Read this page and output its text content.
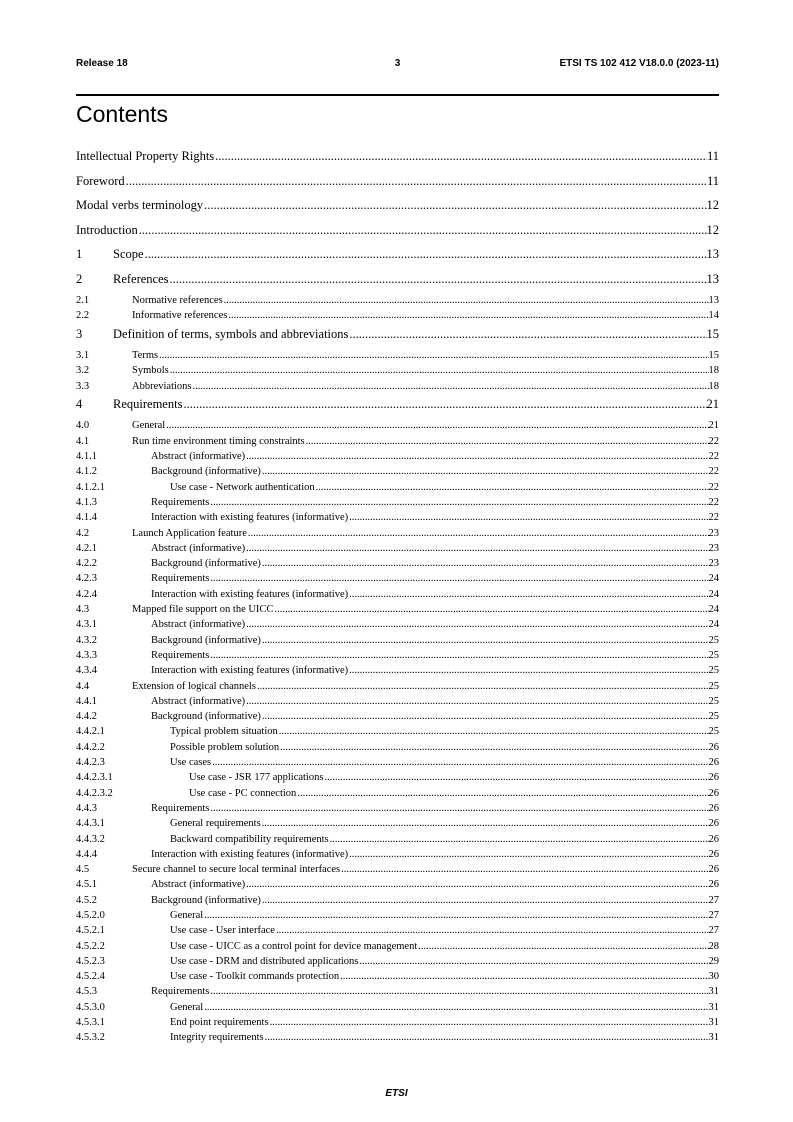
Release 18	3	ETSI TS 102 412 V18.0.0 (2023-11)
Contents
Intellectual Property Rights .....	11
Foreword .....	11
Modal verbs terminology .....	12
Introduction .....	12
1 Scope .....	13
2 References .....	13
2.1	Normative references .....	13
2.2	Informative references .....	14
3 Definition of terms, symbols and abbreviations .....	15
3.1	Terms .....	15
3.2	Symbols .....	18
3.3	Abbreviations .....	18
4 Requirements .....	21
4.0	General .....	21
4.1	Run time environment timing constraints .....	22
4.1.1	Abstract (informative) .....	22
4.1.2	Background (informative) .....	22
4.1.2.1	Use case - Network authentication .....	22
4.1.3	Requirements .....	22
4.1.4	Interaction with existing features (informative) .....	22
4.2	Launch Application feature .....	23
4.2.1	Abstract (informative) .....	23
4.2.2	Background (informative) .....	23
4.2.3	Requirements .....	24
4.2.4	Interaction with existing features (informative) .....	24
4.3	Mapped file support on the UICC .....	24
4.3.1	Abstract (informative) .....	24
4.3.2	Background (informative) .....	25
4.3.3	Requirements .....	25
4.3.4	Interaction with existing features (informative) .....	25
4.4	Extension of logical channels .....	25
4.4.1	Abstract (informative) .....	25
4.4.2	Background (informative) .....	25
4.4.2.1	Typical problem situation .....	25
4.4.2.2	Possible problem solution .....	26
4.4.2.3	Use cases .....	26
4.4.2.3.1	Use case - JSR 177 applications .....	26
4.4.2.3.2	Use case - PC connection .....	26
4.4.3	Requirements .....	26
4.4.3.1	General requirements .....	26
4.4.3.2	Backward compatibility requirements .....	26
4.4.4	Interaction with existing features (informative) .....	26
4.5	Secure channel to secure local terminal interfaces .....	26
4.5.1	Abstract (informative) .....	26
4.5.2	Background (informative) .....	27
4.5.2.0	General .....	27
4.5.2.1	Use case - User interface .....	27
4.5.2.2	Use case - UICC as a control point for device management .....	28
4.5.2.3	Use case - DRM and distributed applications .....	29
4.5.2.4	Use case - Toolkit commands protection .....	30
4.5.3	Requirements .....	31
4.5.3.0	General .....	31
4.5.3.1	End point requirements .....	31
4.5.3.2	Integrity requirements .....	31
ETSI
